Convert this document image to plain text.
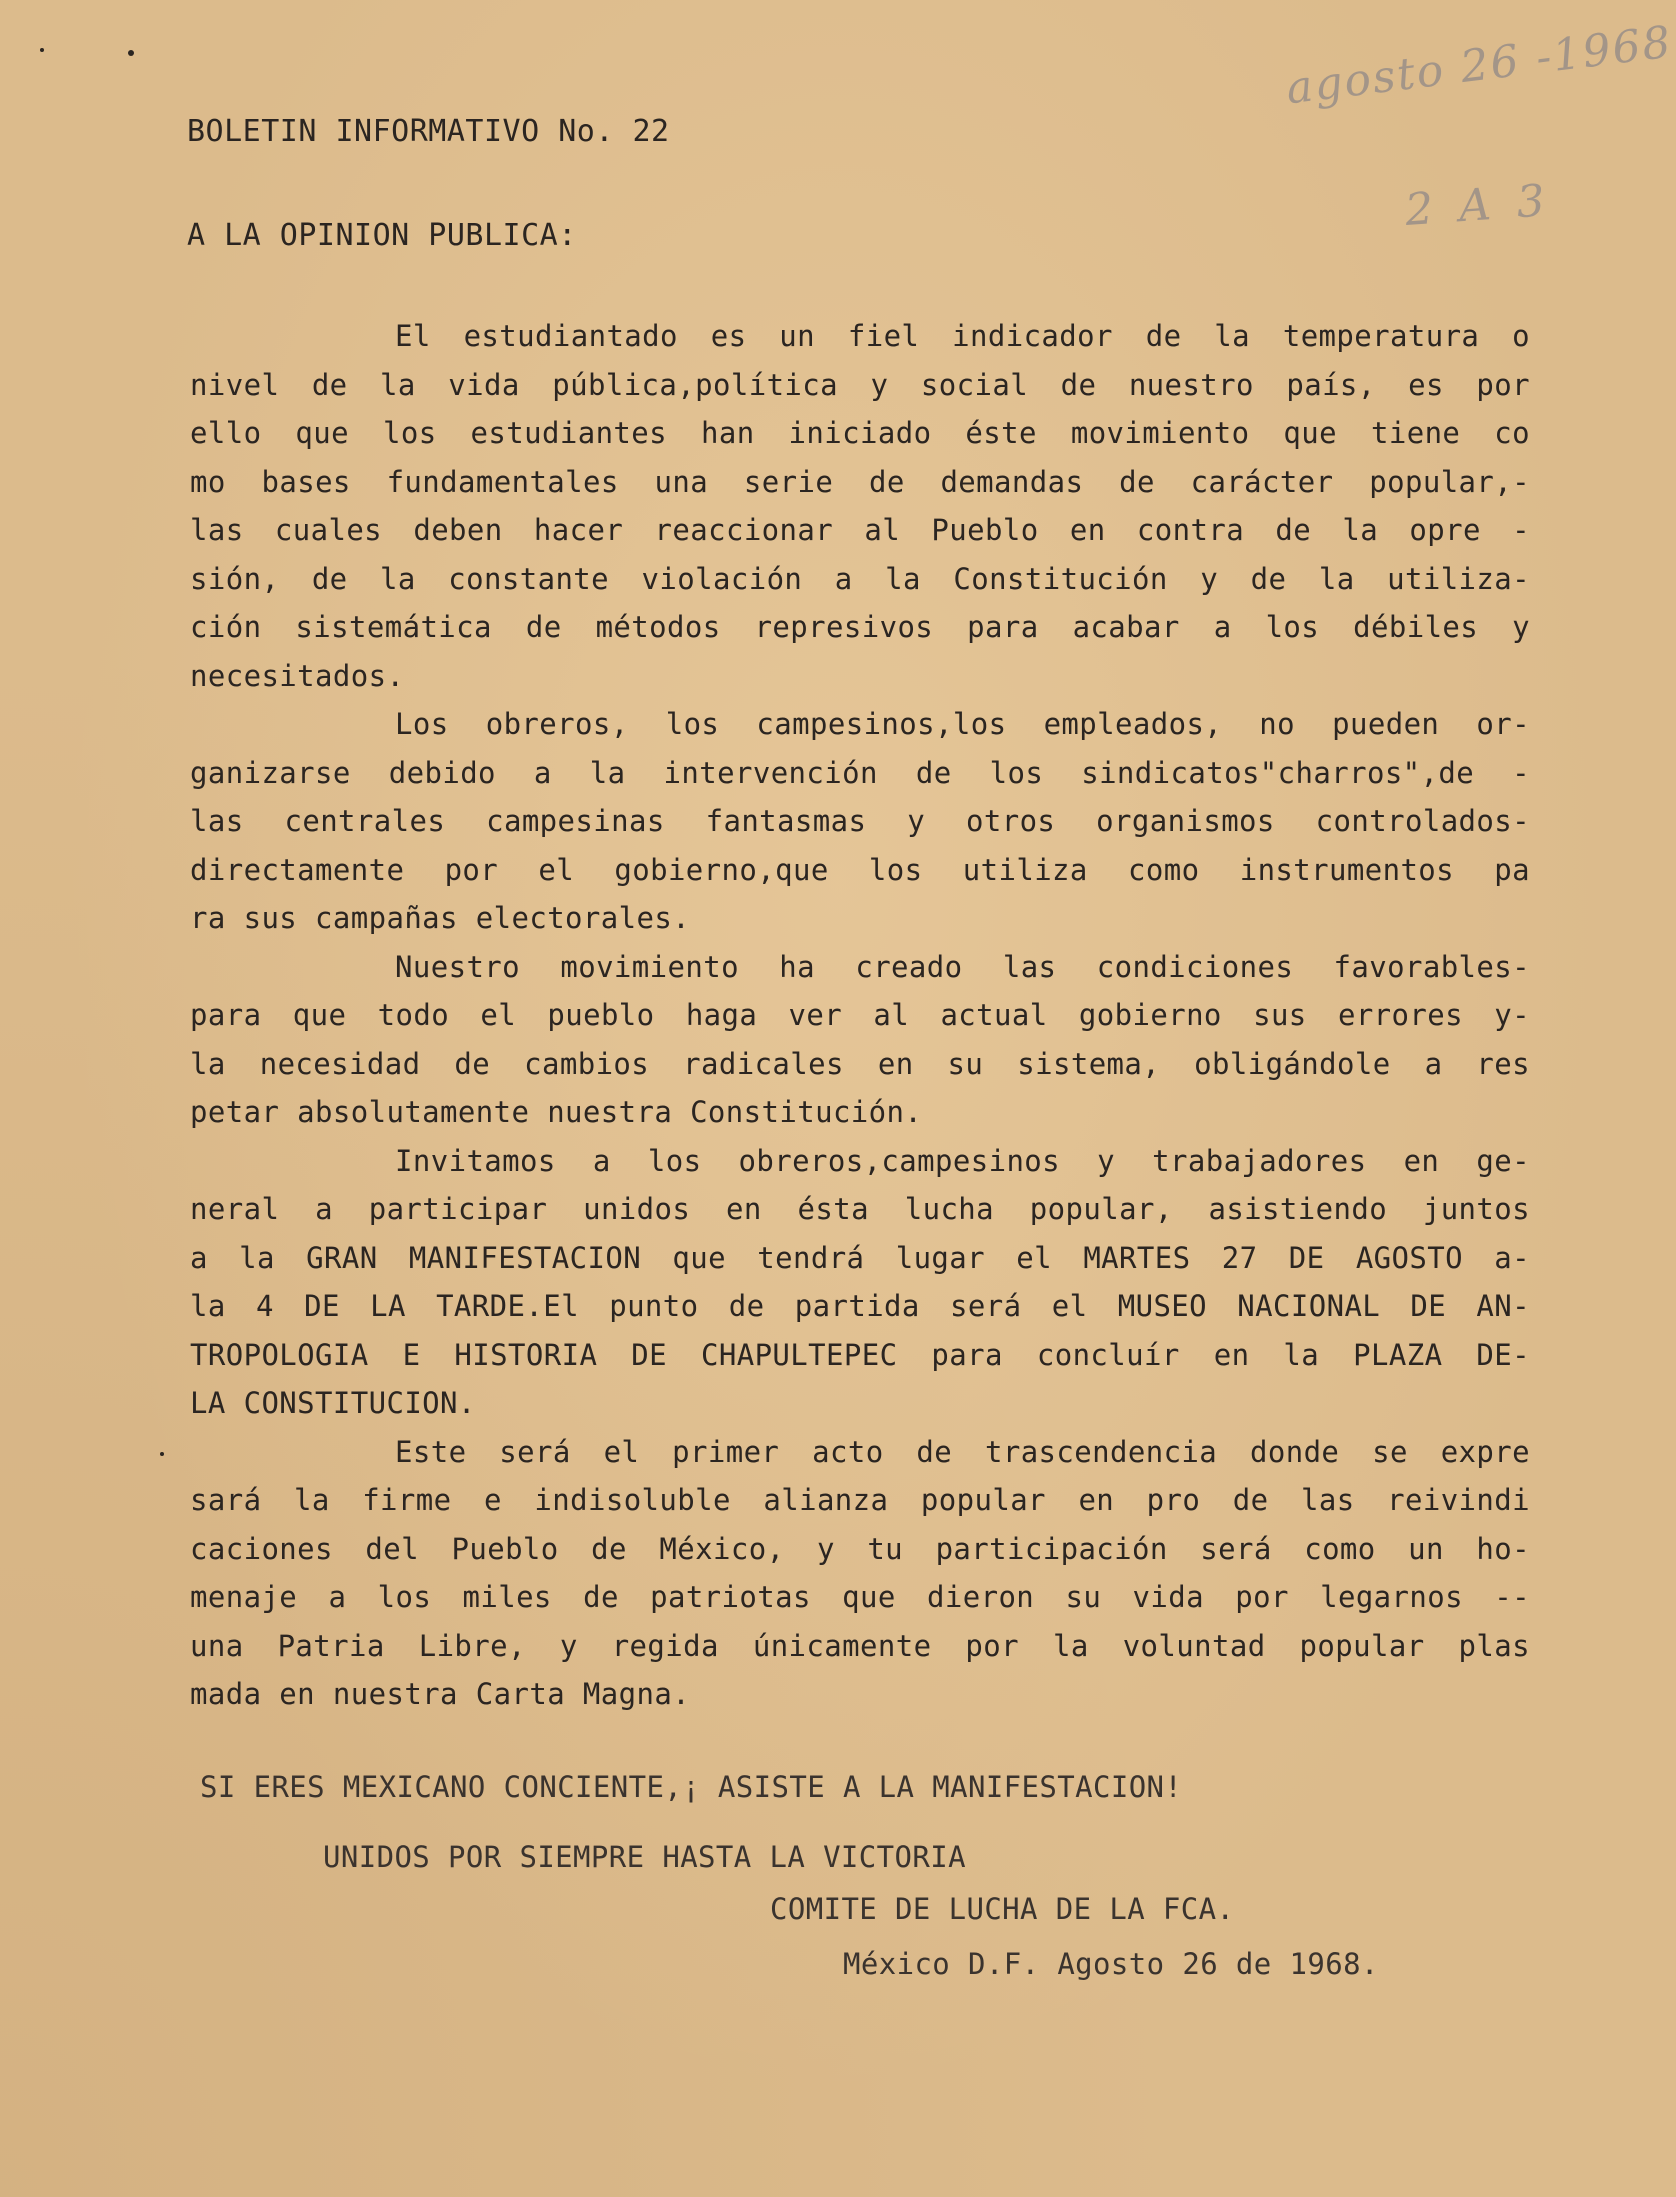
agosto 26 -1968
2 A 3
BOLETIN INFORMATIVO No. 22
A LA OPINION PUBLICA:
El estudiantado es un fiel indicador de la temperatura o
nivel de la vida pública,política y social de nuestro país, es por
ello que los estudiantes han iniciado éste movimiento que tiene co
mo bases fundamentales una serie de demandas de carácter popular,-
las cuales deben hacer reaccionar al Pueblo en contra de la opre -
sión, de la constante violación a la Constitución y de la utiliza-
ción sistemática de métodos represivos para acabar a los débiles y
necesitados.
Los obreros, los campesinos,los empleados, no pueden or-
ganizarse debido a la intervención de los sindicatos"charros",de -
las centrales campesinas fantasmas y otros organismos controlados-
directamente por el gobierno,que los utiliza como instrumentos pa
ra sus campañas electorales.
Nuestro movimiento ha creado las condiciones favorables-
para que todo el pueblo haga ver al actual gobierno sus errores y-
la necesidad de cambios radicales en su sistema, obligándole a res
petar absolutamente nuestra Constitución.
Invitamos a los obreros,campesinos y trabajadores en ge-
neral a participar unidos en ésta lucha popular, asistiendo juntos
a la GRAN MANIFESTACION que tendrá lugar el MARTES 27 DE AGOSTO a-
la 4 DE LA TARDE.El punto de partida será el MUSEO NACIONAL DE AN-
TROPOLOGIA E HISTORIA DE CHAPULTEPEC para concluír en la PLAZA DE-
LA CONSTITUCION.
Este será el primer acto de trascendencia donde se expre
sará la firme e indisoluble alianza popular en pro de las reivindi
caciones del Pueblo de México, y tu participación será como un ho-
menaje a los miles de patriotas que dieron su vida por legarnos --
una Patria Libre, y regida únicamente por la voluntad popular plas
mada en nuestra Carta Magna.
SI ERES MEXICANO CONCIENTE,¡ ASISTE A LA MANIFESTACION!
UNIDOS POR SIEMPRE HASTA LA VICTORIA
COMITE DE LUCHA DE LA FCA.
México D.F. Agosto 26 de 1968.
